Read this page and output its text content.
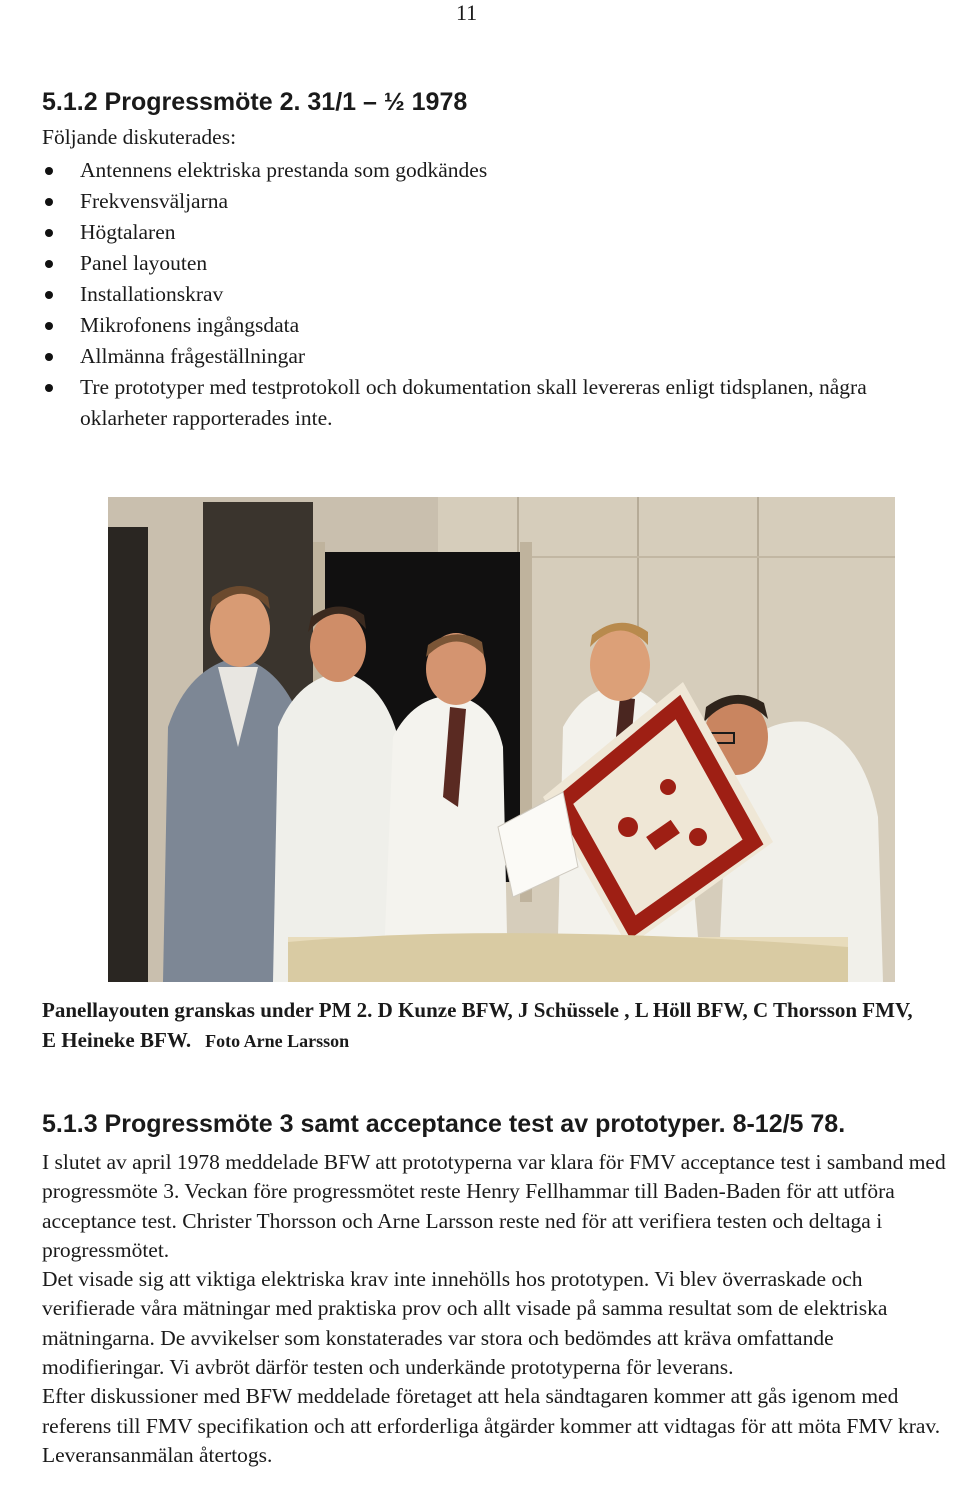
11
5.1.2 Progressmöte 2. 31/1 – ½ 1978
Följande diskuterades:
Antennens elektriska prestanda som godkändes
Frekvensväljarna
Högtalaren
Panel layouten
Installationskrav
Mikrofonens ingångsdata
Allmänna frågeställningar
Tre prototyper med testprotokoll och dokumentation skall levereras enligt tidsplanen, några oklarheter rapporterades inte.
Panellayouten granskas under PM 2. D Kunze BFW, J Schüssele , L Höll BFW, C Thorsson FMV, E Heineke BFW. Foto Arne Larsson
5.1.3 Progressmöte 3 samt acceptance test av prototyper. 8-12/5 78.

I slutet av april 1978 meddelade BFW att prototyperna var klara för FMV acceptance test i samband med progressmöte 3. Veckan före progressmötet reste Henry Fellhammar till Baden-Baden för att utföra acceptance test. Christer Thorsson och Arne Larsson reste ned för att verifiera testen och deltaga i progressmötet.

Det visade sig att viktiga elektriska krav inte innehölls hos prototypen. Vi blev överraskade och verifierade våra mätningar med praktiska prov och allt visade på samma resultat som de elektriska mätningarna. De avvikelser som konstaterades var stora och bedömdes att kräva omfattande modifieringar. Vi avbröt därför testen och underkände prototyperna för leverans.

Efter diskussioner med BFW meddelade företaget att hela sändtagaren kommer att gås igenom med referens till FMV specifikation och att erforderliga åtgärder kommer att vidtagas för att möta FMV krav. Leveransanmälan återtogs.
